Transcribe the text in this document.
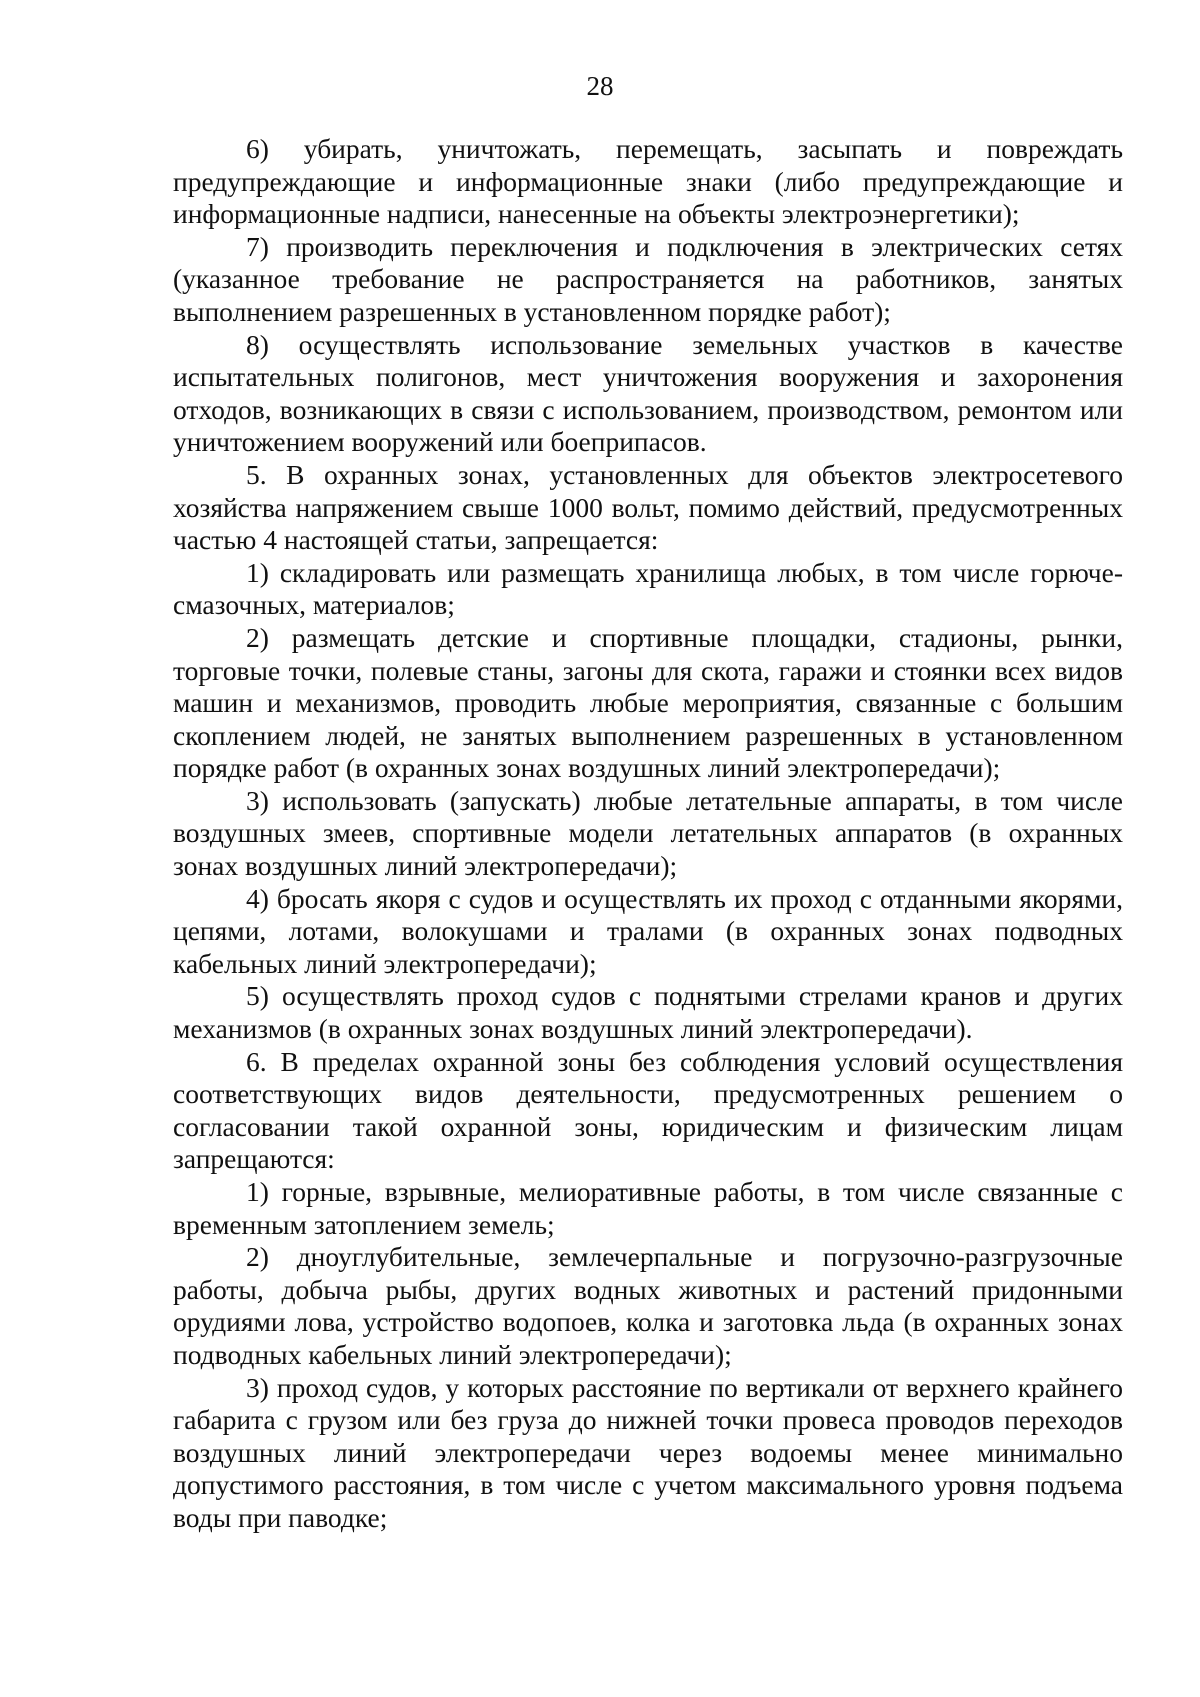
28

6) убирать, уничтожать, перемещать, засыпать и повреждать предупреждающие и информационные знаки (либо предупреждающие и информационные надписи, нанесенные на объекты электроэнергетики);

7) производить переключения и подключения в электрических сетях (указанное требование не распространяется на работников, занятых выполнением разрешенных в установленном порядке работ);

8) осуществлять использование земельных участков в качестве испытательных полигонов, мест уничтожения вооружения и захоронения отходов, возникающих в связи с использованием, производством, ремонтом или уничтожением вооружений или боеприпасов.

5. В охранных зонах, установленных для объектов электросетевого хозяйства напряжением свыше 1000 вольт, помимо действий, предусмотренных частью 4 настоящей статьи, запрещается:

1) складировать или размещать хранилища любых, в том числе горюче-смазочных, материалов;

2) размещать детские и спортивные площадки, стадионы, рынки, торговые точки, полевые станы, загоны для скота, гаражи и стоянки всех видов машин и механизмов, проводить любые мероприятия, связанные с большим скоплением людей, не занятых выполнением разрешенных в установленном порядке работ (в охранных зонах воздушных линий электропередачи);

3) использовать (запускать) любые летательные аппараты, в том числе воздушных змеев, спортивные модели летательных аппаратов (в охранных зонах воздушных линий электропередачи);

4) бросать якоря с судов и осуществлять их проход с отданными якорями, цепями, лотами, волокушами и тралами (в охранных зонах подводных кабельных линий электропередачи);

5) осуществлять проход судов с поднятыми стрелами кранов и других механизмов (в охранных зонах воздушных линий электропередачи).

6. В пределах охранной зоны без соблюдения условий осуществления соответствующих видов деятельности, предусмотренных решением о согласовании такой охранной зоны, юридическим и физическим лицам запрещаются:

1) горные, взрывные, мелиоративные работы, в том числе связанные с временным затоплением земель;

2) дноуглубительные, землечерпальные и погрузочно-разгрузочные работы, добыча рыбы, других водных животных и растений придонными орудиями лова, устройство водопоев, колка и заготовка льда (в охранных зонах подводных кабельных линий электропередачи);

3) проход судов, у которых расстояние по вертикали от верхнего крайнего габарита с грузом или без груза до нижней точки провеса проводов переходов воздушных линий электропередачи через водоемы менее минимально допустимого расстояния, в том числе с учетом максимального уровня подъема воды при паводке;
